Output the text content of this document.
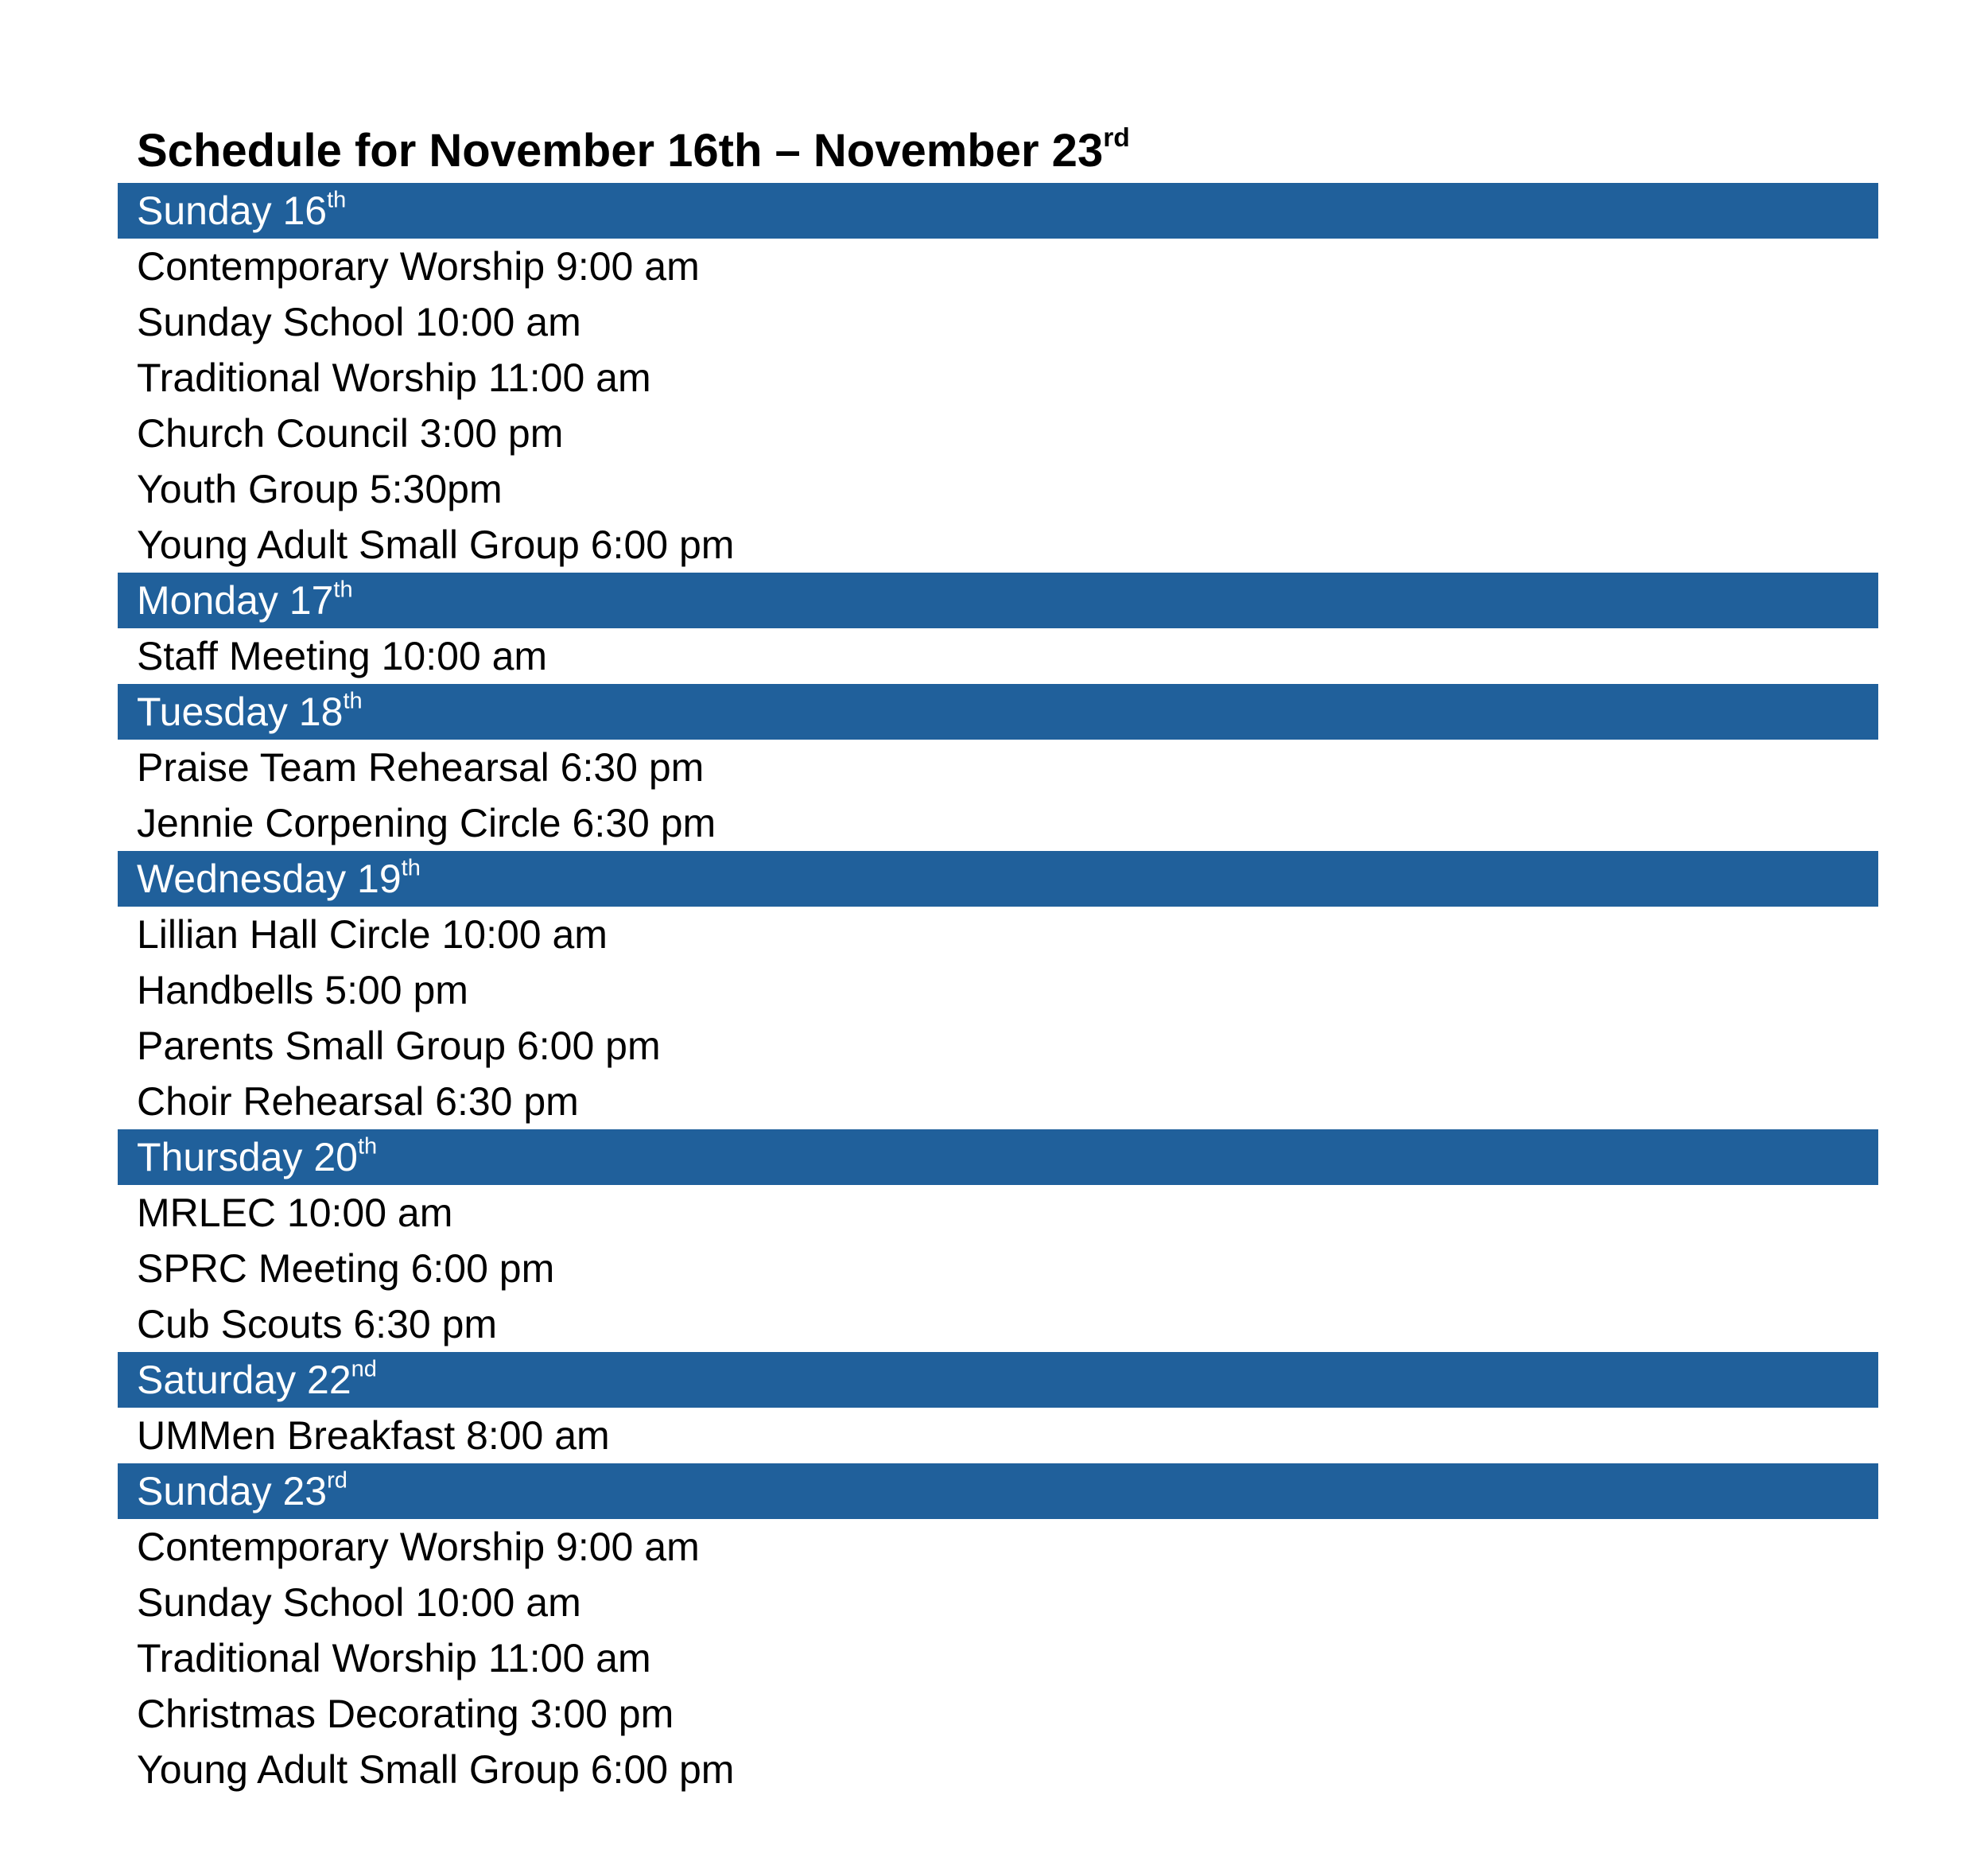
Schedule for November 16th – November 23rd
Sunday 16th
Contemporary Worship 9:00 am
Sunday School 10:00 am
Traditional Worship 11:00 am
Church Council 3:00 pm
Youth Group 5:30pm
Young Adult Small Group 6:00 pm
Monday 17th
Staff Meeting 10:00 am
Tuesday 18th
Praise Team Rehearsal 6:30 pm
Jennie Corpening Circle 6:30 pm
Wednesday 19th
Lillian Hall Circle 10:00 am
Handbells 5:00 pm
Parents Small Group 6:00 pm
Choir Rehearsal 6:30 pm
Thursday 20th
MRLEC 10:00 am
SPRC Meeting 6:00 pm
Cub Scouts 6:30 pm
Saturday 22nd
UMMen Breakfast 8:00 am
Sunday 23rd
Contemporary Worship 9:00 am
Sunday School 10:00 am
Traditional Worship 11:00 am
Christmas Decorating 3:00 pm
Young Adult Small Group 6:00 pm
